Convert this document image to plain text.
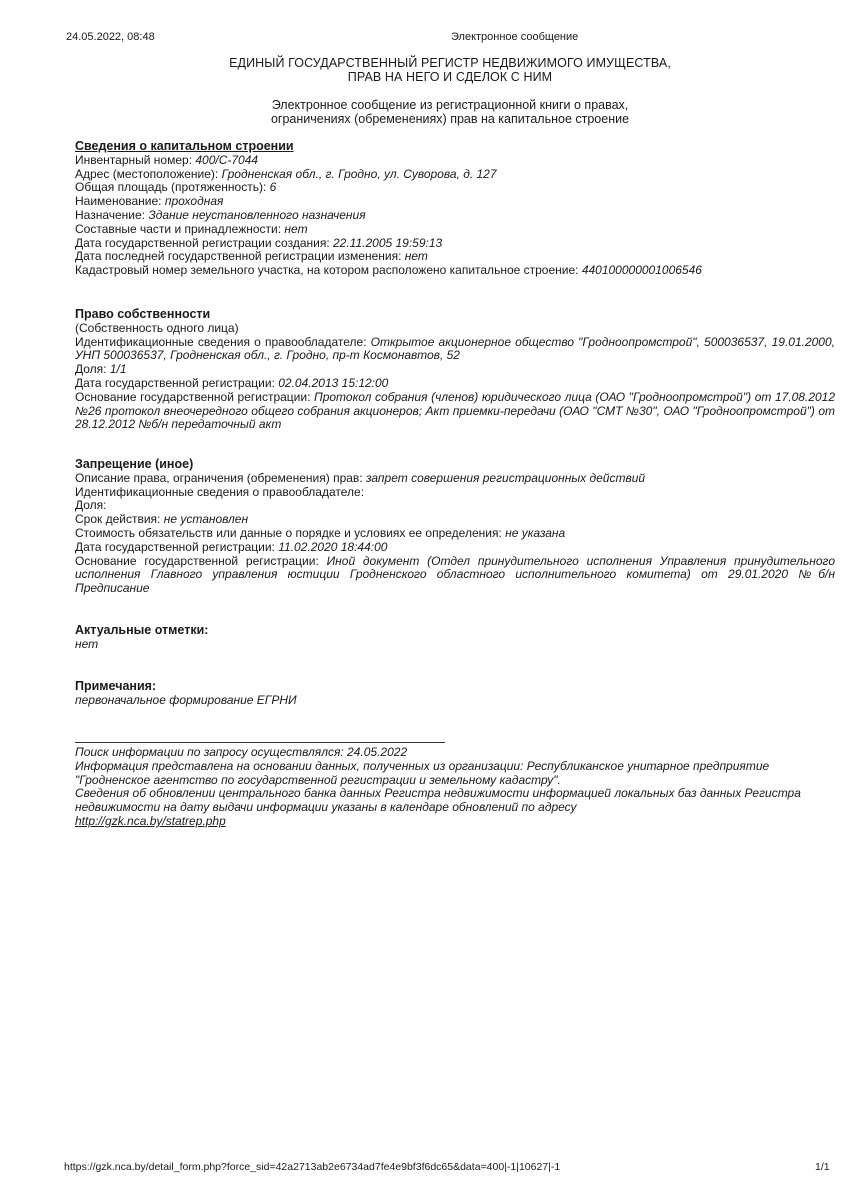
24.05.2022, 08:48	Электронное сообщение
ЕДИНЫЙ ГОСУДАРСТВЕННЫЙ РЕГИСТР НЕДВИЖИМОГО ИМУЩЕСТВА,
ПРАВ НА НЕГО И СДЕЛОК С НИМ
Электронное сообщение из регистрационной книги о правах,
ограничениях (обременениях) прав на капитальное строение
Сведения о капитальном строении
Инвентарный номер: 400/С-7044
Адрес (местоположение): Гродненская обл., г. Гродно, ул. Суворова, д. 127
Общая площадь (протяженность): 6
Наименование: проходная
Назначение: Здание неустановленного назначения
Составные части и принадлежности: нет
Дата государственной регистрации создания: 22.11.2005 19:59:13
Дата последней государственной регистрации изменения: нет
Кадастровый номер земельного участка, на котором расположено капитальное строение: 440100000001006546
Право собственности
(Собственность одного лица)
Идентификационные сведения о правообладателе: Открытое акционерное общество "Гродноопромстрой", 500036537, 19.01.2000, УНП 500036537, Гродненская обл., г. Гродно, пр-т Космонавтов, 52
Доля: 1/1
Дата государственной регистрации: 02.04.2013 15:12:00
Основание государственной регистрации: Протокол собрания (членов) юридического лица (ОАО "Гродноопромстрой") от 17.08.2012 №26 протокол внеочередного общего собрания акционеров; Акт приемки-передачи (ОАО "СМТ №30", ОАО "Гродноопромстрой") от 28.12.2012 №б/н передаточный акт
Запрещение (иное)
Описание права, ограничения (обременения) прав: запрет совершения регистрационных действий
Идентификационные сведения о правообладателе:
Доля:
Срок действия: не установлен
Стоимость обязательств или данные о порядке и условиях ее определения: не указана
Дата государственной регистрации: 11.02.2020 18:44:00
Основание государственной регистрации: Иной документ (Отдел принудительного исполнения Управления принудительного исполнения Главного управления юстиции Гродненского областного исполнительного комитета) от 29.01.2020 №б/н Предписание
Актуальные отметки:
нет
Примечания:
первоначальное формирование ЕГРНИ
Поиск информации по запросу осуществлялся: 24.05.2022
Информация представлена на основании данных, полученных из организации: Республиканское унитарное предприятие "Гродненское агентство по государственной регистрации и земельному кадастру".
Сведения об обновлении центрального банка данных Регистра недвижимости информацией локальных баз данных Регистра недвижимости на дату выдачи информации указаны в календаре обновлений по адресу
http://gzk.nca.by/statrep.php
https://gzk.nca.by/detail_form.php?force_sid=42a2713ab2e6734ad7fe4e9bf3f6dc65&data=400|-1|10627|-1	1/1
